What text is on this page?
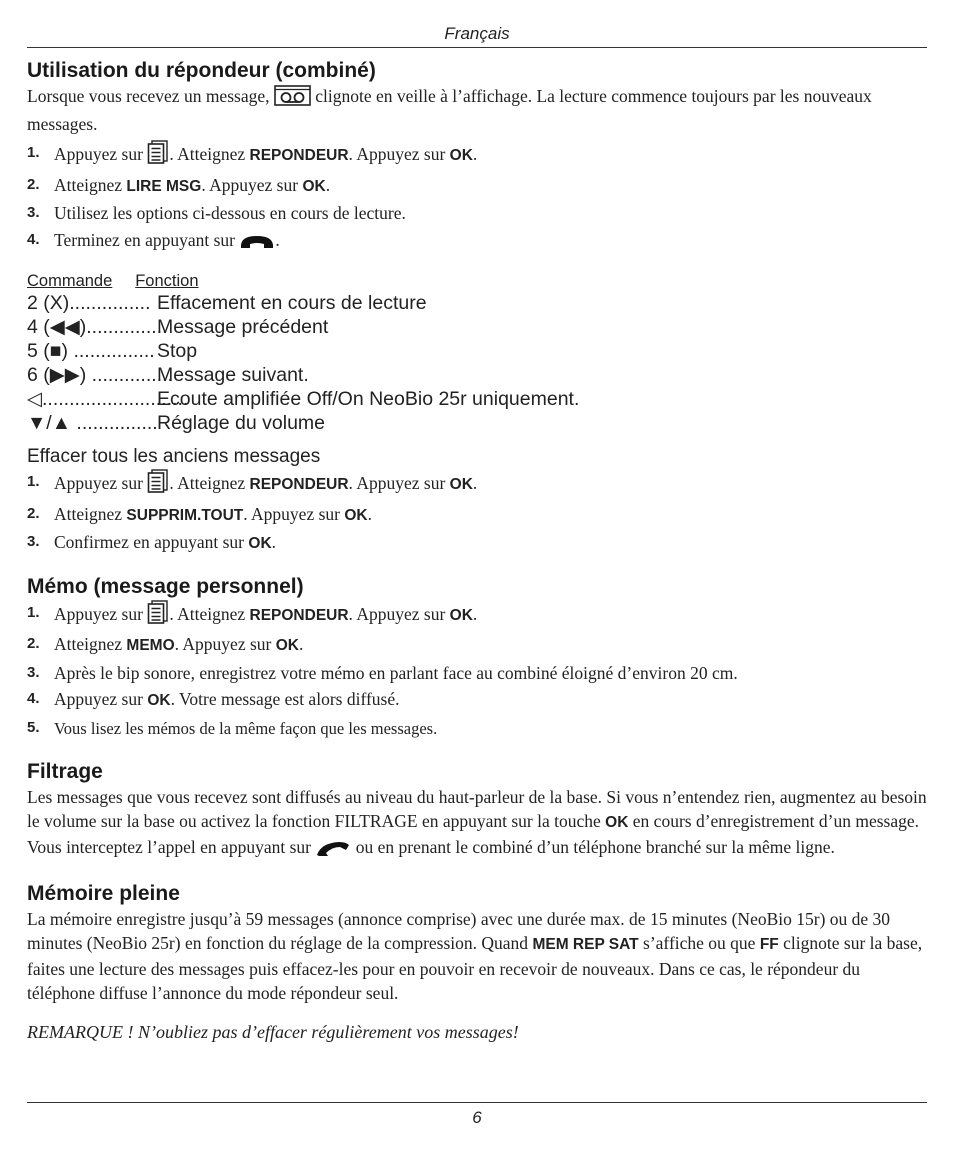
Français
Utilisation du répondeur (combiné)

Lorsque vous recevez un message,	clignote en veille à l’affichage. La lecture commence toujours par les nouveaux messages.

1. Appuyez sur . Atteignez REPONDEUR. Appuyez sur OK.
2. Atteignez LIRE MSG. Appuyez sur OK.
3. Utilisez les options ci-dessous en cours de lecture.
4. Terminez en appuyant sur .
Commande Fonction
2 (X)............... Effacement en cours de lecture
4 (◀◀)...............
Message précédent
5 (■) ............... Stop
6 (▶▶) ...............
Message suivant.
◁...........................
Ecoute amplifiée Off/On NeoBio 25r uniquement.
▼/▲ ............... Réglage du volume
Effacer tous les anciens messages
1. Appuyez sur . Atteignez REPONDEUR. Appuyez sur OK.
2. Atteignez SUPPRIM.TOUT. Appuyez sur OK.
3. Confirmez en appuyant sur OK.
Mémo (message personnel)
1. Appuyez sur . Atteignez REPONDEUR. Appuyez sur OK.
2. Atteignez MEMO. Appuyez sur OK.
3. Après le bip sonore, enregistrez votre mémo en parlant face au combiné éloigné d’environ 20 cm.
4. Appuyez sur OK. Votre message est alors diffusé.
5. Vous lisez les mémos de la même façon que les messages.
Filtrage

Les messages que vous recevez sont diffusés au niveau du haut-parleur de la base. Si vous n’entendez rien, augmentez au besoin le volume sur la base ou activez la fonction FILTRAGE en appuyant sur la touche OK en cours d’enregistrement d’un message. Vous interceptez l’appel en appuyant sur	ou en prenant le combiné d’un téléphone branché sur la même ligne.

Mémoire pleine

La mémoire enregistre jusqu’à 59 messages (annonce comprise) avec une durée max. de 15 minutes (NeoBio 15r) ou de 30 minutes (NeoBio 25r) en fonction du réglage de la compression. Quand MEM REP SAT s’affiche ou que FF clignote sur la base, faites une lecture des messages puis effacez-les pour en pouvoir en recevoir de nouveaux. Dans ce cas, le répondeur du téléphone diffuse l’annonce du mode répondeur seul.

REMARQUE ! N’oubliez pas d’effacer régulièrement vos messages!

6
